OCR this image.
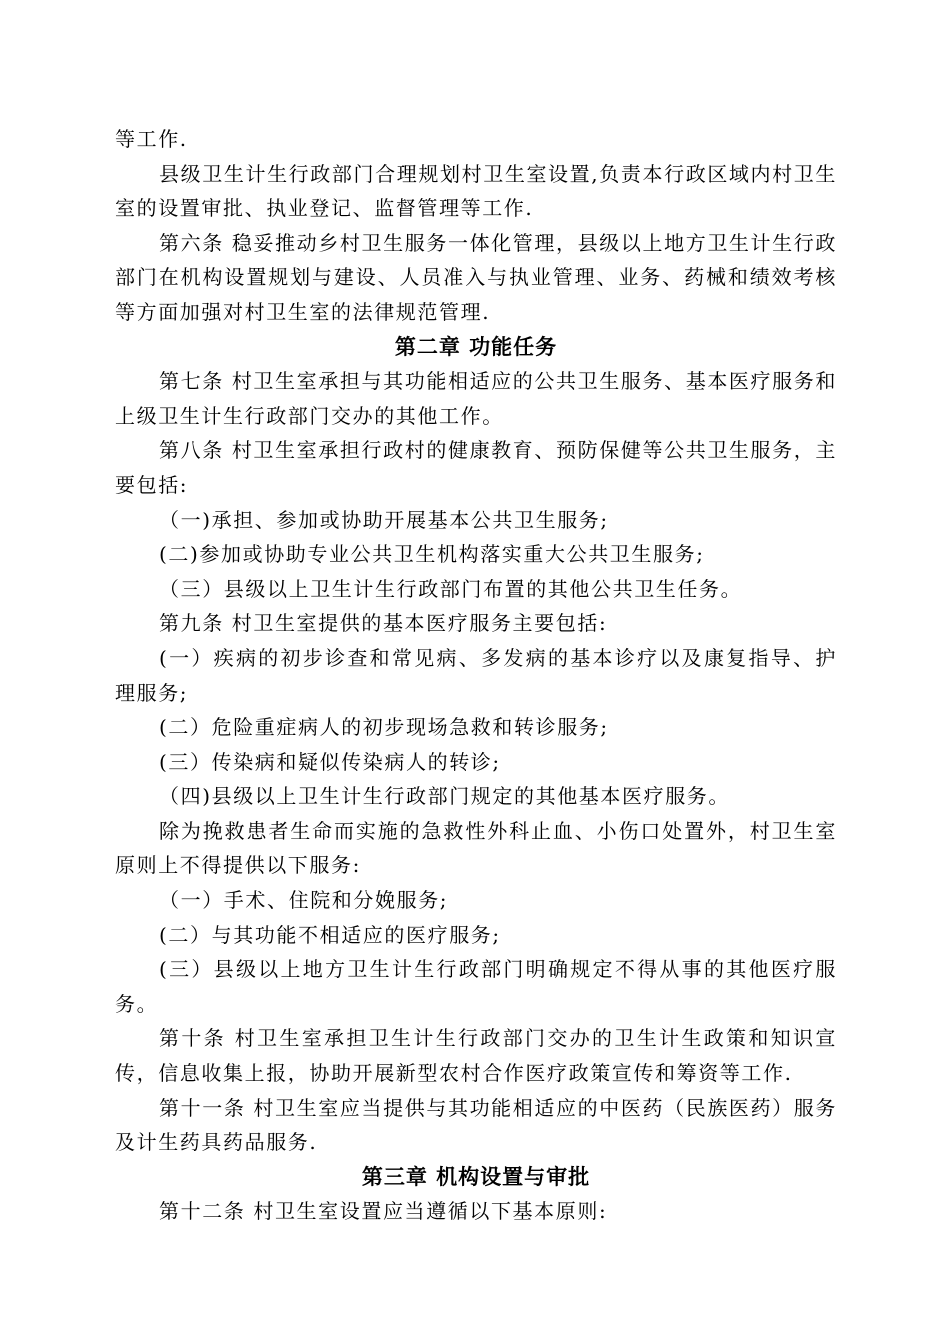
等工作.

县级卫生计生行政部门合理规划村卫生室设置,负责本行政区域内村卫生室的设置审批、执业登记、监督管理等工作.

第六条 稳妥推动乡村卫生服务一体化管理，县级以上地方卫生计生行政部门在机构设置规划与建设、人员准入与执业管理、业务、药械和绩效考核等方面加强对村卫生室的法律规范管理.

第二章 功能任务

第七条 村卫生室承担与其功能相适应的公共卫生服务、基本医疗服务和上级卫生计生行政部门交办的其他工作。

第八条 村卫生室承担行政村的健康教育、预防保健等公共卫生服务，主要包括:

（一)承担、参加或协助开展基本公共卫生服务;

(二)参加或协助专业公共卫生机构落实重大公共卫生服务;

（三）县级以上卫生计生行政部门布置的其他公共卫生任务。

第九条 村卫生室提供的基本医疗服务主要包括:

(一）疾病的初步诊查和常见病、多发病的基本诊疗以及康复指导、护理服务;

(二）危险重症病人的初步现场急救和转诊服务;

(三）传染病和疑似传染病人的转诊;

（四)县级以上卫生计生行政部门规定的其他基本医疗服务。

除为挽救患者生命而实施的急救性外科止血、小伤口处置外，村卫生室原则上不得提供以下服务:

（一）手术、住院和分娩服务;

(二）与其功能不相适应的医疗服务;

(三）县级以上地方卫生计生行政部门明确规定不得从事的其他医疗服务。

第十条 村卫生室承担卫生计生行政部门交办的卫生计生政策和知识宣传，信息收集上报，协助开展新型农村合作医疗政策宣传和筹资等工作.

第十一条 村卫生室应当提供与其功能相适应的中医药（民族医药）服务及计生药具药品服务.

第三章 机构设置与审批

第十二条 村卫生室设置应当遵循以下基本原则:
